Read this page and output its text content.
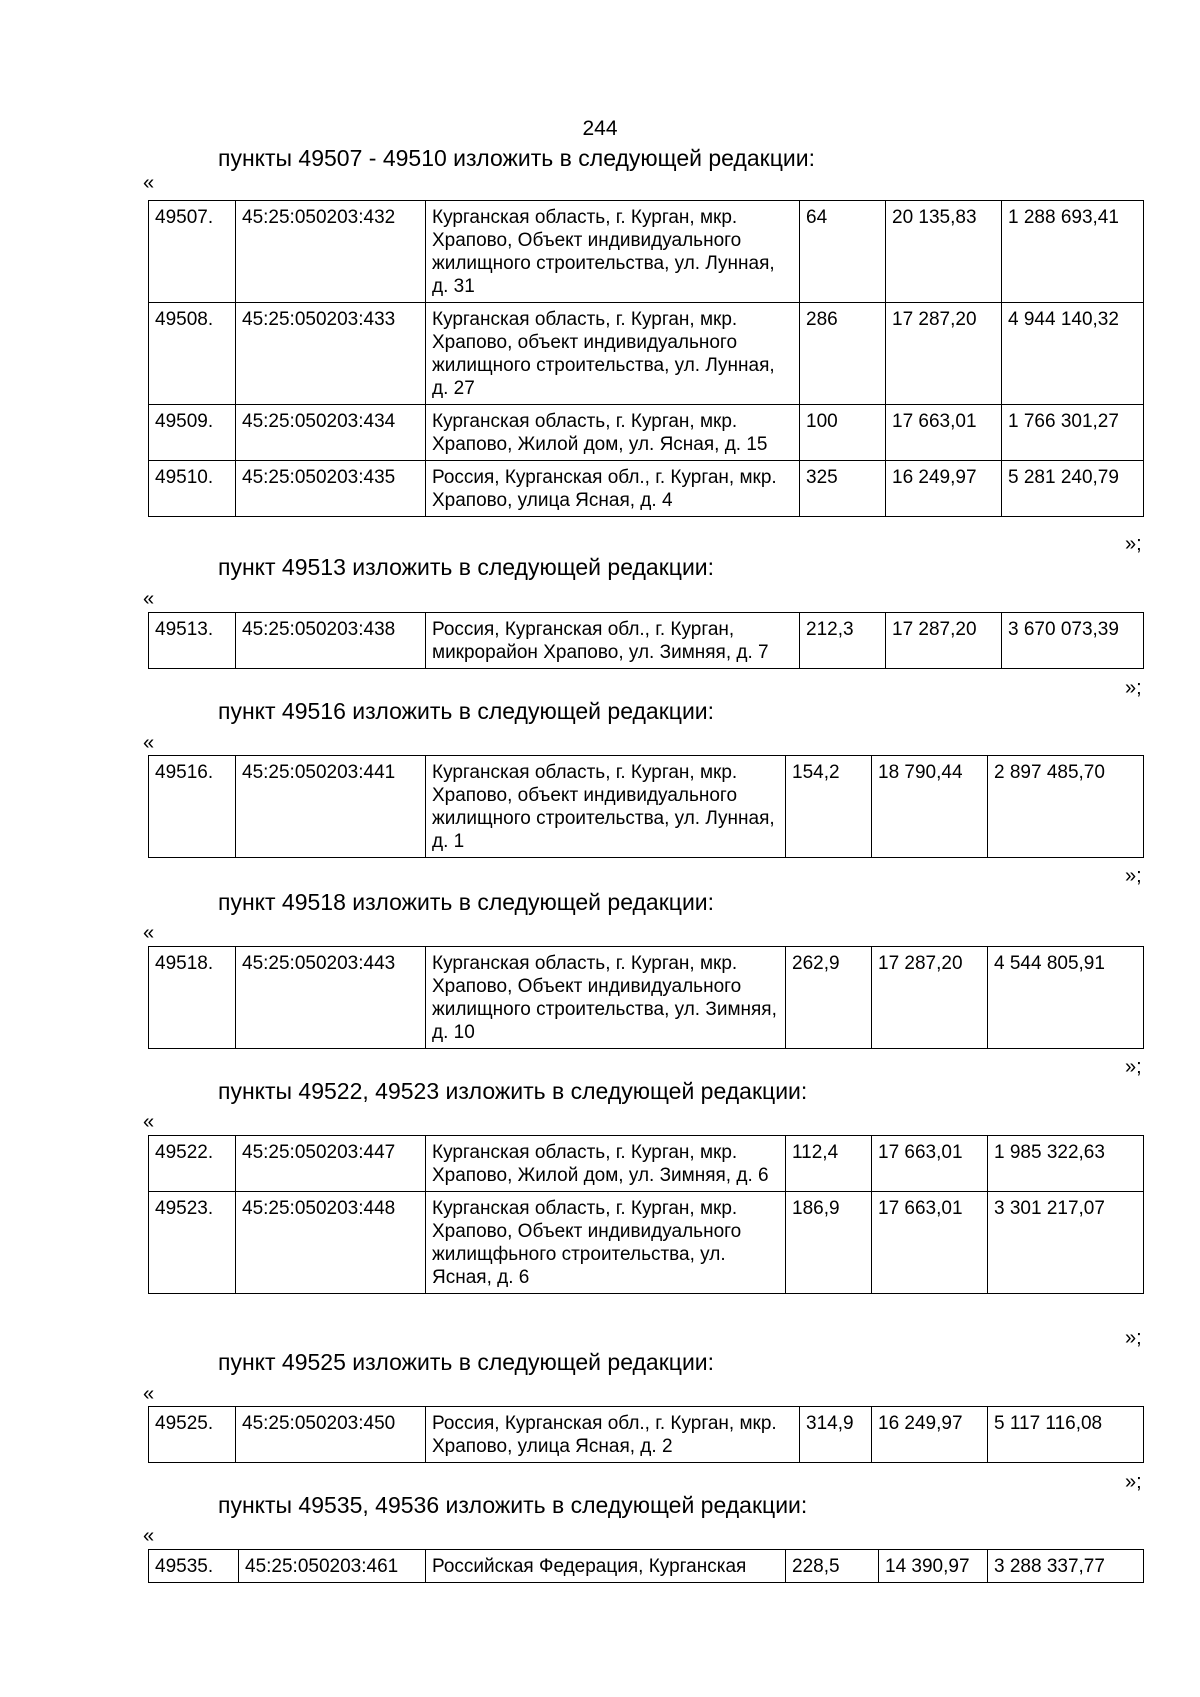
244
пункты 49507 - 49510 изложить в следующей редакции:
«
49507.	45:25:050203:432	Курганская область, г. Курган, мкр. Храпово, Объект индивидуального жилищного строительства, ул. Лунная, д. 31	64	20 135,83	1 288 693,41
49508.	45:25:050203:433	Курганская область, г. Курган, мкр. Храпово, объект индивидуального жилищного строительства, ул. Лунная, д. 27	286	17 287,20	4 944 140,32
49509.	45:25:050203:434	Курганская область, г. Курган, мкр. Храпово, Жилой дом, ул. Ясная, д. 15	100	17 663,01	1 766 301,27
49510.	45:25:050203:435	Россия, Курганская обл., г. Курган, мкр. Храпово, улица Ясная, д. 4	325	16 249,97	5 281 240,79
»;
пункт 49513 изложить в следующей редакции:
«
49513.	45:25:050203:438	Россия, Курганская обл., г. Курган, микрорайон Храпово, ул. Зимняя, д. 7	212,3	17 287,20	3 670 073,39
»;
пункт 49516 изложить в следующей редакции:
«
49516.	45:25:050203:441	Курганская область, г. Курган, мкр. Храпово, объект индивидуального жилищного строительства, ул. Лунная, д. 1	154,2	18 790,44	2 897 485,70
»;
пункт 49518 изложить в следующей редакции:
«
49518.	45:25:050203:443	Курганская область, г. Курган, мкр. Храпово, Объект индивидуального жилищного строительства, ул. Зимняя, д. 10	262,9	17 287,20	4 544 805,91
»;
пункты 49522, 49523 изложить в следующей редакции:
«
49522.	45:25:050203:447	Курганская область, г. Курган, мкр. Храпово, Жилой дом, ул. Зимняя, д. 6	112,4	17 663,01	1 985 322,63
49523.	45:25:050203:448	Курганская область, г. Курган, мкр. Храпово, Объект индивидуального жилищфьного строительства, ул. Ясная, д. 6	186,9	17 663,01	3 301 217,07
»;
пункт 49525 изложить в следующей редакции:
«
49525.	45:25:050203:450	Россия, Курганская обл., г. Курган, мкр. Храпово, улица Ясная, д. 2	314,9	16 249,97	5 117 116,08
»;
пункты 49535, 49536 изложить в следующей редакции:
«
49535.	45:25:050203:461	Российская Федерация, Курганская	228,5	14 390,97	3 288 337,77
